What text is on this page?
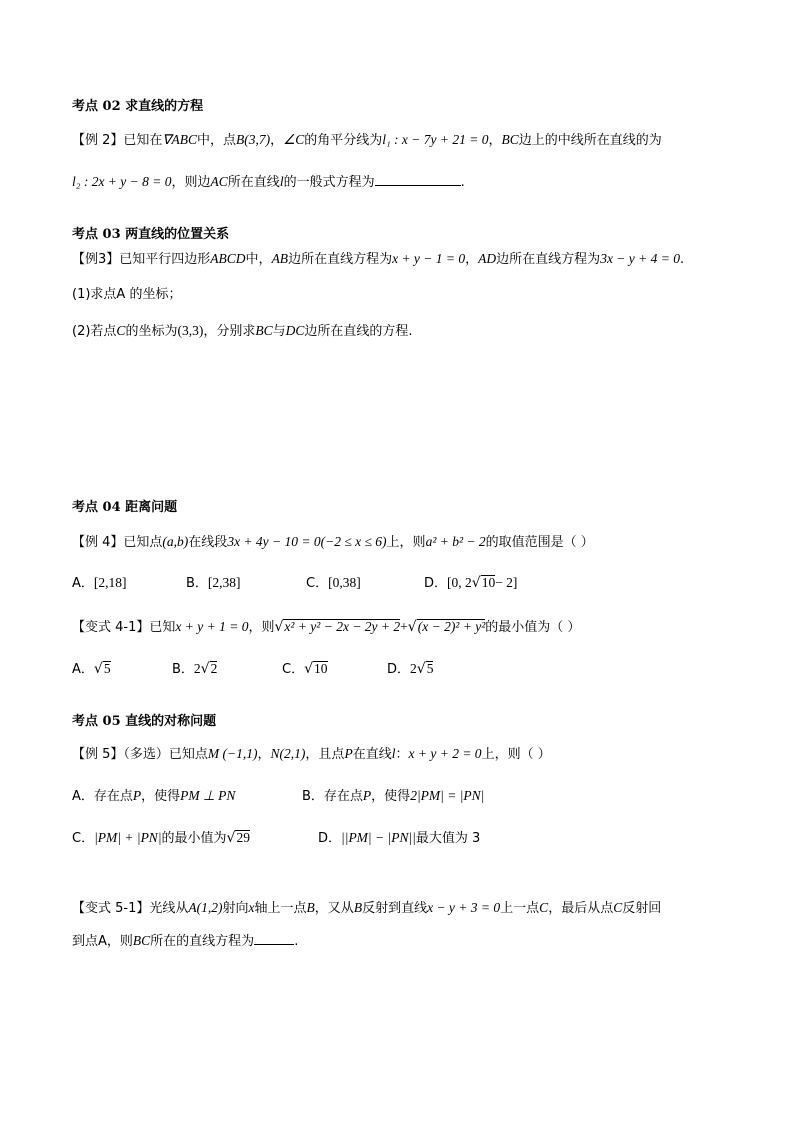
考点 02 求直线的方程
【例 2】已知在∇ABC中，点B(3,7)，∠C的角平分线为l₁ : x − 7y + 21 = 0，BC边上的中线所在直线的为
l₂ : 2x + y − 8 = 0，则边AC所在直线l的一般式方程为	.
考点 03 两直线的位置关系
【例3】已知平行四边形ABCD中，AB边所在直线方程为x + y − 1 = 0，AD边所在直线方程为3x − y + 4 = 0.
(1)求点A 的坐标；
(2)若点C的坐标为(3,3)，分别求BC与DC边所在直线的方程.
考点 04 距离问题
【例 4】已知点(a,b)在线段3x + 4y − 10 = 0(−2 ≤ x ≤ 6)上，则a² + b² − 2的取值范围是（ ）
A．[2,18]	B．[2,38]	C．[0,38]	D．[0, 2√10− 2]
【变式 4-1】已知x + y + 1 = 0，则√x² + y² − 2x − 2y + 2+√(x − 2)² + y²的最小值为（ ）
A．√5	B．2√2	C．√10	D．2√5
考点 05 直线的对称问题
【例 5】（多选）已知点M (−1,1)，N(2,1)，且点P在直线l：x + y + 2 = 0上，则（ ）
A．存在点P，使得PM ⊥ PN	B．存在点P，使得2|PM| = |PN|
C．|PM| + |PN|的最小值为√29	D．||PM| − |PN||最大值为 3
【变式 5-1】光线从A(1,2)射向x轴上一点B，又从B反射到直线x − y + 3 = 0上一点C，最后从点C反射回
到点A，则BC所在的直线方程为	.
